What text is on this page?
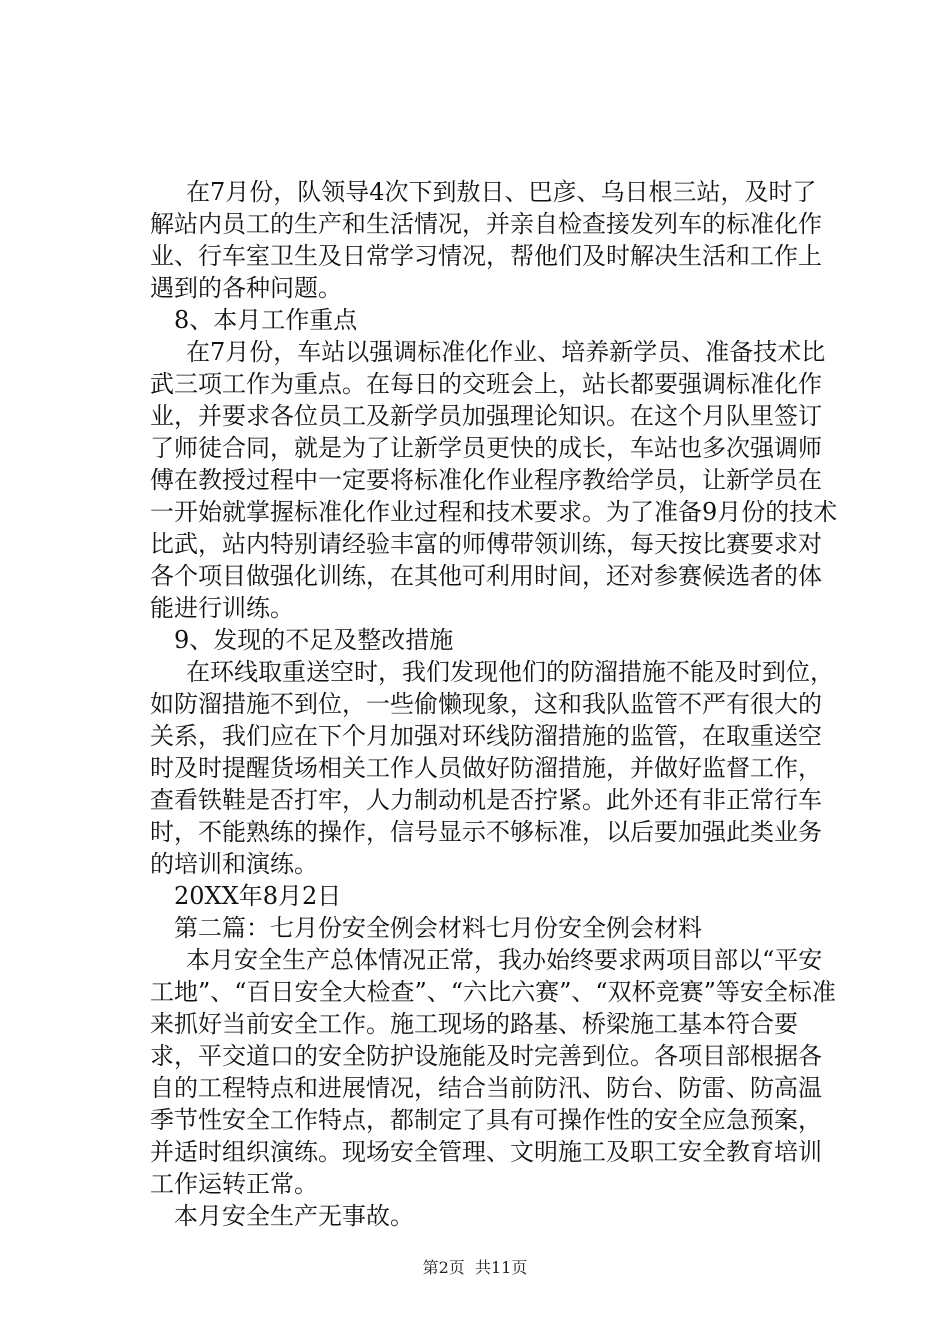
在7月份，队领导4次下到敖日、巴彦、乌日根三站，及时了解站内员工的生产和生活情况，并亲自检查接发列车的标准化作业、行车室卫生及日常学习情况，帮他们及时解决生活和工作上遇到的各种问题。

8、本月工作重点

在7月份，车站以强调标准化作业、培养新学员、准备技术比武三项工作为重点。在每日的交班会上，站长都要强调标准化作业，并要求各位员工及新学员加强理论知识。在这个月队里签订了师徒合同，就是为了让新学员更快的成长，车站也多次强调师傅在教授过程中一定要将标准化作业程序教给学员，让新学员在一开始就掌握标准化作业过程和技术要求。为了准备9月份的技术比武，站内特别请经验丰富的师傅带领训练，每天按比赛要求对各个项目做强化训练，在其他可利用时间，还对参赛候选者的体能进行训练。

9、发现的不足及整改措施

在环线取重送空时，我们发现他们的防溜措施不能及时到位，如防溜措施不到位，一些偷懒现象，这和我队监管不严有很大的关系，我们应在下个月加强对环线防溜措施的监管，在取重送空时及时提醒货场相关工作人员做好防溜措施，并做好监督工作，查看铁鞋是否打牢，人力制动机是否拧紧。此外还有非正常行车时，不能熟练的操作，信号显示不够标准，以后要加强此类业务的培训和演练。

20XX年8月2日

第二篇：七月份安全例会材料七月份安全例会材料

本月安全生产总体情况正常，我办始终要求两项目部以“平安工地”、“百日安全大检查”、“六比六赛”、“双杯竞赛”等安全标准来抓好当前安全工作。施工现场的路基、桥梁施工基本符合要求，平交道口的安全防护设施能及时完善到位。各项目部根据各自的工程特点和进展情况，结合当前防汛、防台、防雷、防高温季节性安全工作特点，都制定了具有可操作性的安全应急预案，并适时组织演练。现场安全管理、文明施工及职工安全教育培训工作运转正常。

本月安全生产无事故。

第2页 共11页
